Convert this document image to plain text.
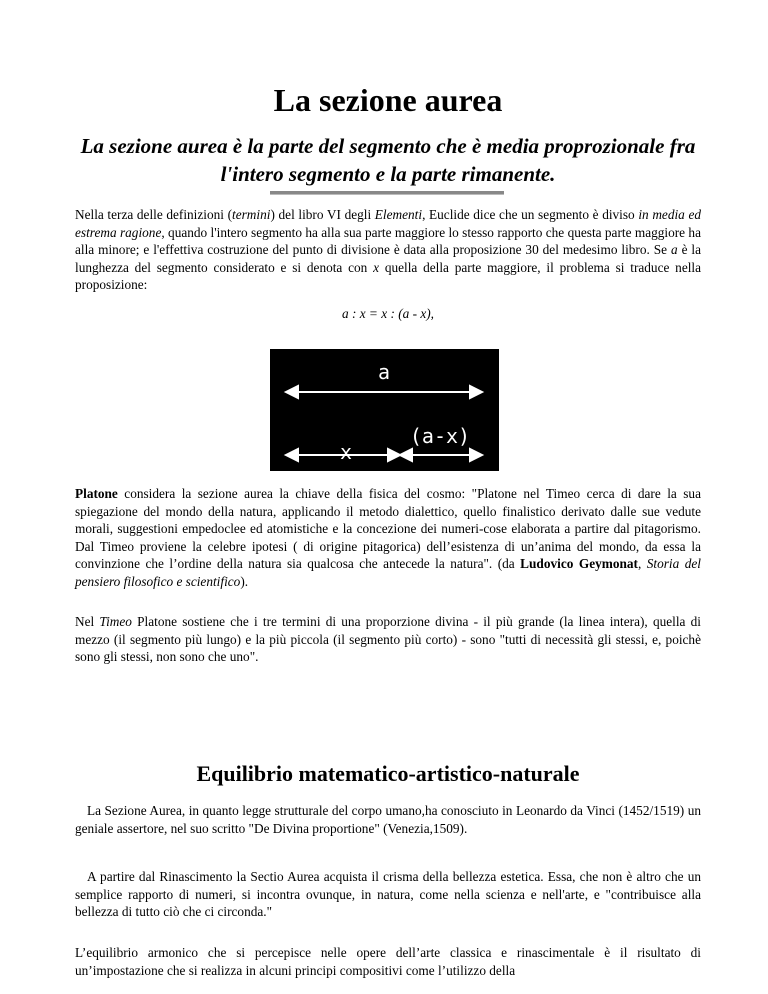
La sezione aurea
La sezione aurea è la parte del segmento che è media proprozionale fra l'intero segmento e la parte rimanente.

Nella terza delle definizioni (termini) del libro VI degli Elementi, Euclide dice che un segmento è diviso in media ed estrema ragione, quando l'intero segmento ha alla sua parte maggiore lo stesso rapporto che questa parte maggiore ha alla minore; e l'effettiva costruzione del punto di divisione è data alla proposizione 30 del medesimo libro. Se a è la lunghezza del segmento considerato e si denota con x quella della parte maggiore, il problema si traduce nella proposizione:

a : x = x : (a - x),
a
x
(a-x)

Platone considera la sezione aurea la chiave della fisica del cosmo: "Platone nel Timeo cerca di dare la sua spiegazione del mondo della natura, applicando il metodo dialettico, quello finalistico derivato dalle sue vedute morali, suggestioni empedoclee ed atomistiche e la concezione dei numeri-cose elaborata a partire dal pitagorismo. Dal Timeo proviene la celebre ipotesi ( di origine pitagorica) dell’esistenza di un’anima del mondo, da essa la convinzione che l’ordine della natura sia qualcosa che antecede la natura". (da Ludovico Geymonat, Storia del pensiero filosofico e scientifico).

Nel Timeo Platone sostiene che i tre termini di una proporzione divina - il più grande (la linea intera), quella di mezzo (il segmento più lungo) e la più piccola (il segmento più corto) - sono "tutti di necessità gli stessi, e, poichè sono gli stessi, non sono che uno".

Equilibrio matematico-artistico-naturale

La Sezione Aurea, in quanto legge strutturale del corpo umano,ha conosciuto in Leonardo da Vinci (1452/1519) un geniale assertore, nel suo scritto "De Divina proportione" (Venezia,1509).

A partire dal Rinascimento la Sectio Aurea acquista il crisma della bellezza estetica. Essa, che non è altro che un semplice rapporto di numeri, si incontra ovunque, in natura, come nella scienza e nell'arte, e "contribuisce alla bellezza di tutto ciò che ci circonda."

L’equilibrio armonico che si percepisce nelle opere dell’arte classica e rinascimentale è il risultato di un’impostazione che si realizza in alcuni principi compositivi come l’utilizzo della
